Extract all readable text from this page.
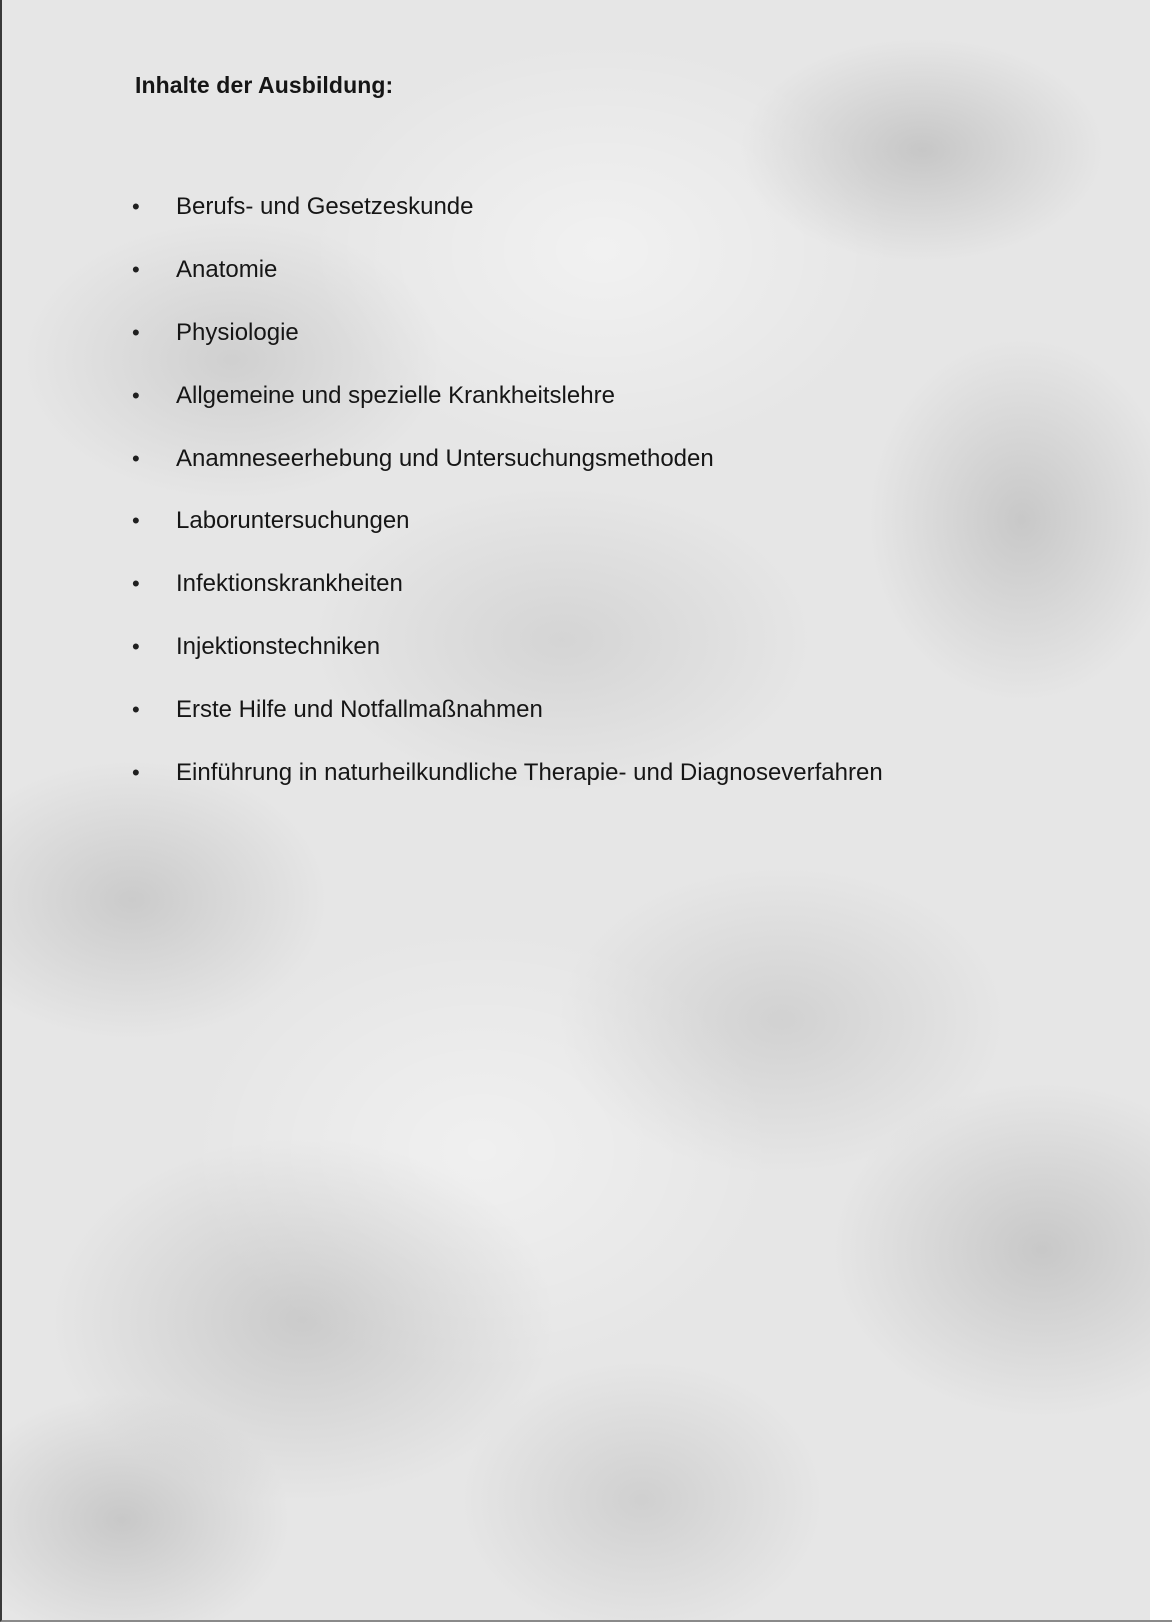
Inhalte der Ausbildung:
• Berufs- und Gesetzeskunde
• Anatomie
• Physiologie
• Allgemeine und spezielle Krankheitslehre
• Anamneseerhebung und Untersuchungsmethoden
• Laboruntersuchungen
• Infektionskrankheiten
• Injektionstechniken
• Erste Hilfe und Notfallmaßnahmen
• Einführung in naturheilkundliche Therapie- und Diagnoseverfahren
